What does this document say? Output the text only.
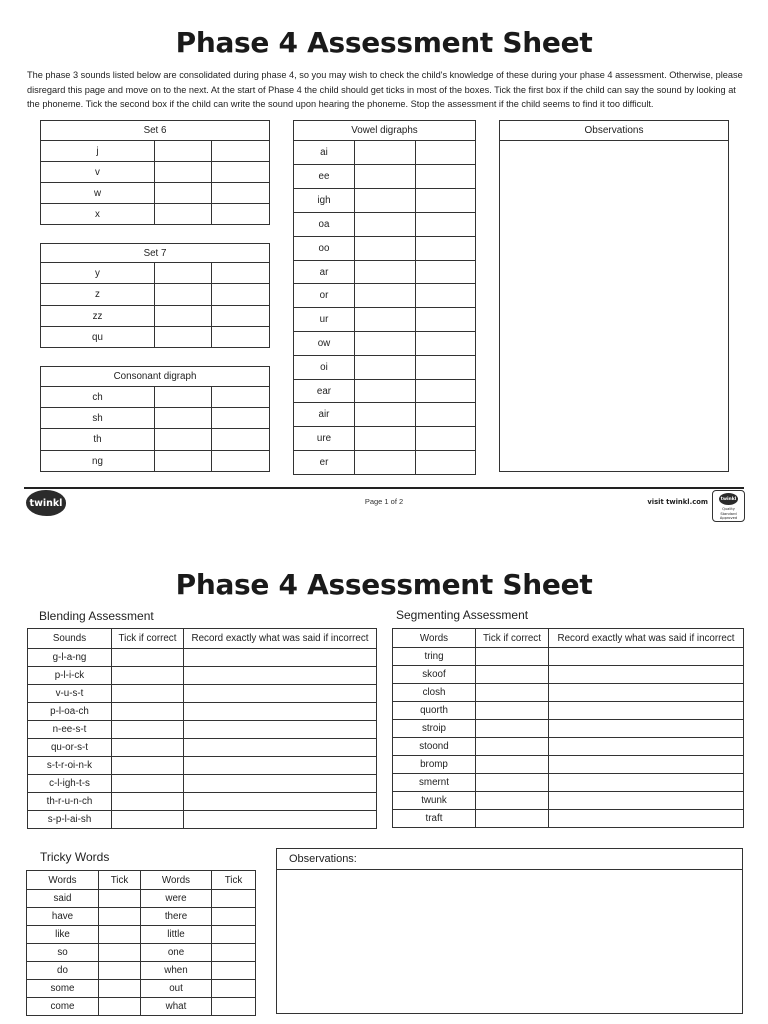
Phase 4 Assessment Sheet
The phase 3 sounds listed below are consolidated during phase 4, so you may wish to check the child's knowledge of these during your phase 4 assessment. Otherwise, please disregard this page and move on to the next. At the start of Phase 4 the child should get ticks in most of the boxes. Tick the first box if the child can say the sound by looking at the phoneme. Tick the second box if the child can write the sound upon hearing the phoneme. Stop the assessment if the child seems to find it too difficult.
Set 6		
j		
v		
w		
x		
Set 7		
y		
z		
zz		
qu		
Consonant digraph		
ch		
sh		
th		
ng		
Vowel digraphs		
ai		
ee		
igh		
oa		
oo		
ar		
or		
ur		
ow		
oi		
ear		
air		
ure		
er		
Observations
twinkl	Page 1 of 2	visit twinkl.com	twinkl
Quality Standard Approved
Phase 4 Assessment Sheet
Blending Assessment
Sounds	Tick if correct	Record exactly what was said if incorrect
g-l-a-ng		
p-l-i-ck		
v-u-s-t		
p-l-oa-ch		
n-ee-s-t		
qu-or-s-t		
s-t-r-oi-n-k		
c-l-igh-t-s		
th-r-u-n-ch		
s-p-l-ai-sh		
Segmenting Assessment
Words	Tick if correct	Record exactly what was said if incorrect
tring		
skoof		
closh		
quorth		
stroip		
stoond		
bromp		
smernt		
twunk		
traft		
Tricky Words
Words	Tick	Words	Tick
said		were	
have		there	
like		little	
so		one	
do		when	
some		out	
come		what	
Observations:
